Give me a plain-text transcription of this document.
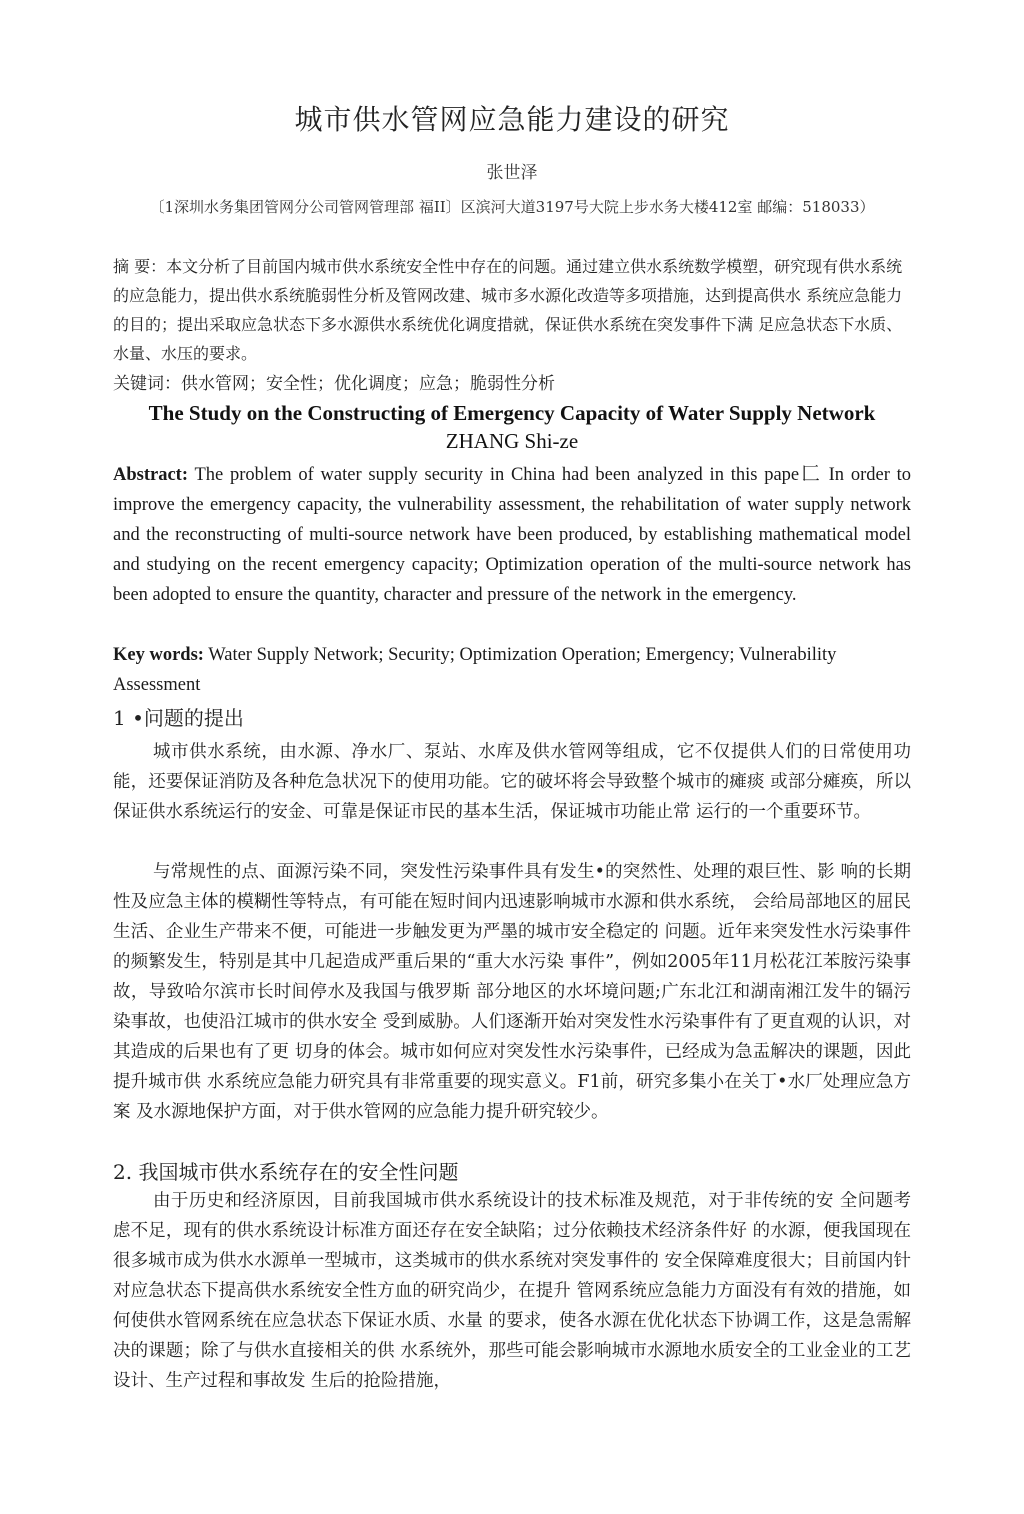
城市供水管网应急能力建设的研究
张世泽
〔1深圳水务集团管网分公司管网管理部 福II〕区滨河大道3197号大院上步水务大楼412室 邮编：518033）
摘 要：本文分析了目前国内城市供水系统安全性中存在的问题。通过建立供水系统数学模塑，研究现有供水系统的应急能力，提出供水系统脆弱性分析及管网改建、城市多水源化改造等多项措施，达到提高供水 系统应急能力的目的；提出采取应急状态下多水源供水系统优化调度措就，保证供水系统在突发事件下满 足应急状态下水质、水量、水压的要求。
关键词：供水管网；安全性；优化调度；应急；脆弱性分析
The Study on the Constructing of Emergency Capacity of Water Supply Network
ZHANG Shi-ze
Abstract: The problem of water supply security in China had been analyzed in this pape匚 In order to improve the emergency capacity, the vulnerability assessment, the rehabilitation of water supply network and the reconstructing of multi-source network have been produced, by establishing mathematical model and studying on the recent emergency capacity; Optimization operation of the multi-source network has been adopted to ensure the quantity, character and pressure of the network in the emergency.
Key words: Water Supply Network; Security; Optimization Operation; Emergency; Vulnerability Assessment
1 •问题的提出

城市供水系统，由水源、净水厂、泵站、水库及供水管网等组成，它不仅提供人们的日常使用功能，还要保证消防及各种危急状况下的使用功能。它的破坏将会导致整个城市的瘫痰 或部分瘫痪，所以保证供水系统运行的安金、可靠是保证市民的基本生活，保证城市功能止常 运行的一个重要环节。

与常规性的点、面源污染不同，突发性污染事件具有发生•的突然性、处理的艰巨性、影 响的长期性及应急主体的模糊性等特点，有可能在短时间内迅速影响城市水源和供水系统， 会给局部地区的屈民生活、企业生产带来不便，可能进一步触发更为严墨的城市安全稳定的 问题。近年来突发性水污染事件的频繁发生，特别是其中几起造成严重后果的“重大水污染 事件”，例如2005年11月松花江苯胺污染事故，导致哈尔滨市长时间停水及我国与俄罗斯 部分地区的水坏境问题;广东北江和湖南湘江发牛的镉污染事故，也使沿江城市的供水安全 受到威胁。人们逐渐开始对突发性水污染事件有了更直观的认识，对其造成的后果也有了更 切身的体会。城市如何应对突发性水污染事件，已经成为急盂解决的课题，因此提升城市供 水系统应急能力研究具有非常重要的现实意义。F1前，研究多集小在关丁•水厂处理应急方案 及水源地保护方面，对于供水管网的应急能力提升研究较少。

2. 我国城市供水系统存在的安全性问题

由于历史和经济原因，目前我国城市供水系统设计的技术标准及规范，对于非传统的安 全问题考虑不足，现有的供水系统设计标准方面还存在安全缺陷；过分依赖技术经济条件好 的水源，便我国现在很多城市成为供水水源单一型城市，这类城市的供水系统对突发事件的 安全保障难度很大；目前国内针对应急状态下提高供水系统安全性方血的研究尚少，在提升 管网系统应急能力方面没有有效的措施，如何使供水管网系统在应急状态下保证水质、水量 的要求，使各水源在优化状态下协调工作，这是急需解决的课题；除了与供水直接相关的供 水系统外，那些可能会影响城市水源地水质安全的工业金业的工艺设计、生产过程和事故发 生后的抢险措施，
